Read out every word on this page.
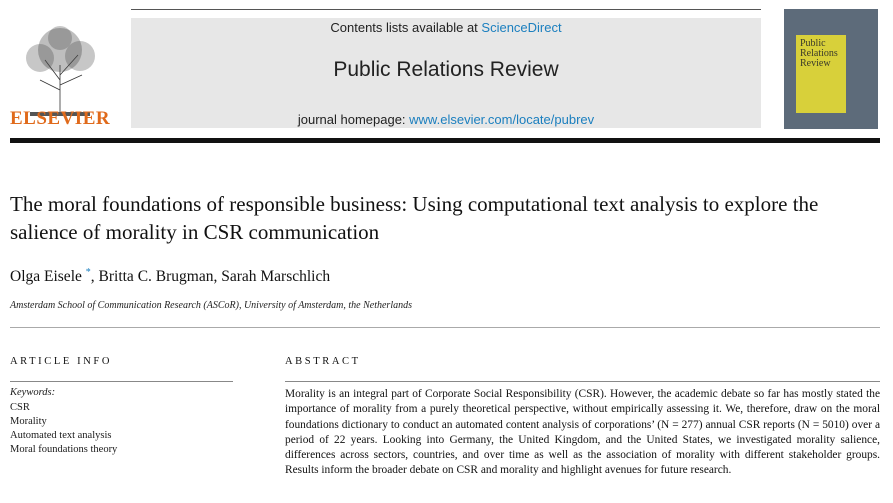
ELSEVIER
Contents lists available at ScienceDirect
Public Relations Review
journal homepage: www.elsevier.com/locate/pubrev
Public Relations Review
The moral foundations of responsible business: Using computational text analysis to explore the salience of morality in CSR communication
Olga Eisele *, Britta C. Brugman, Sarah Marschlich
Amsterdam School of Communication Research (ASCoR), University of Amsterdam, the Netherlands
ARTICLE INFO
Keywords:
CSR
Morality
Automated text analysis
Moral foundations theory
ABSTRACT
Morality is an integral part of Corporate Social Responsibility (CSR). However, the academic debate so far has mostly stated the importance of morality from a purely theoretical perspective, without empirically assessing it. We, therefore, draw on the moral foundations dictionary to conduct an automated content analysis of corporations’ (N = 277) annual CSR reports (N = 5010) over a period of 22 years. Looking into Germany, the United Kingdom, and the United States, we investigated morality salience, differences across sectors, countries, and over time as well as the association of morality with different stakeholder groups. Results inform the broader debate on CSR and morality and highlight avenues for future research.
